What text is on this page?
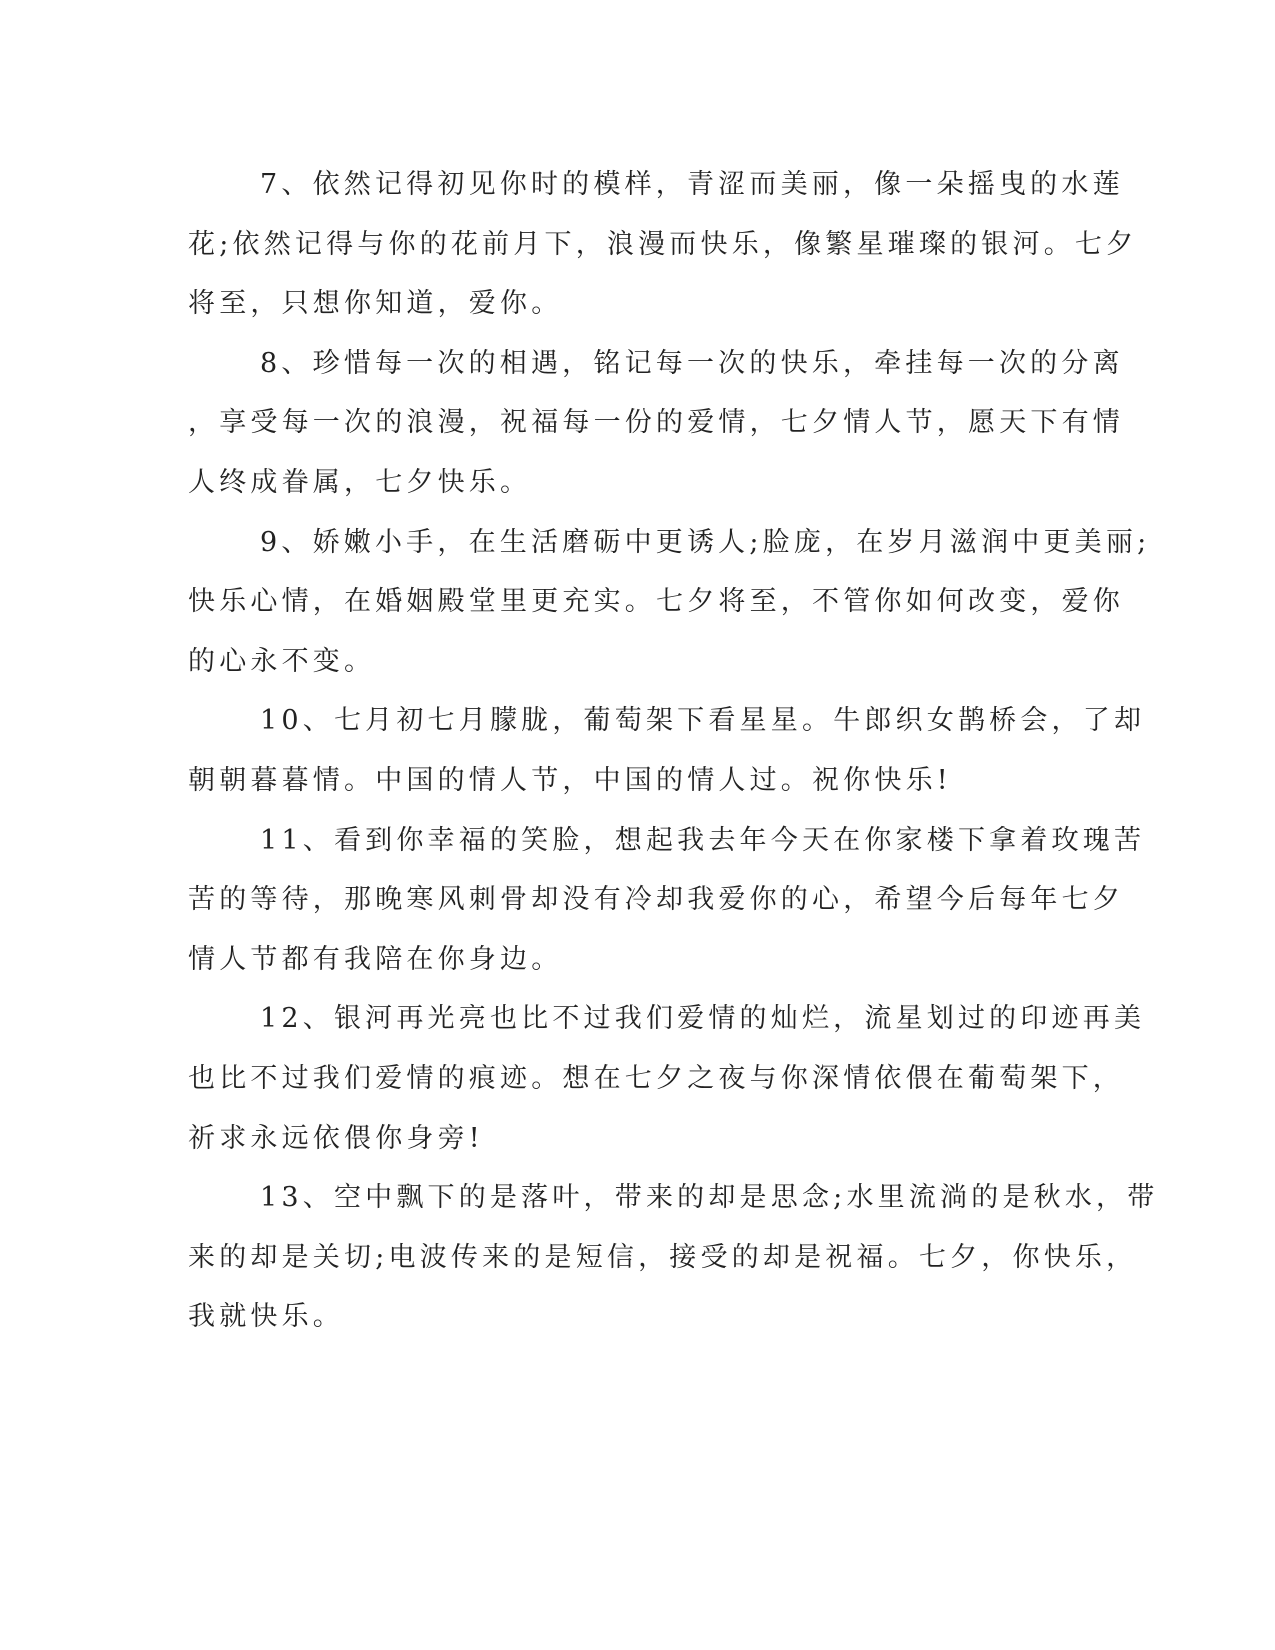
7、依然记得初见你时的模样，青涩而美丽，像一朵摇曳的水莲
花;依然记得与你的花前月下，浪漫而快乐，像繁星璀璨的银河。七夕
将至，只想你知道，爱你。
8、珍惜每一次的相遇，铭记每一次的快乐，牵挂每一次的分离
，享受每一次的浪漫，祝福每一份的爱情，七夕情人节，愿天下有情
人终成眷属，七夕快乐。
9、娇嫩小手，在生活磨砺中更诱人;脸庞，在岁月滋润中更美丽;
快乐心情，在婚姻殿堂里更充实。七夕将至，不管你如何改变，爱你
的心永不变。
10、七月初七月朦胧，葡萄架下看星星。牛郎织女鹊桥会，了却
朝朝暮暮情。中国的情人节，中国的情人过。祝你快乐!
11、看到你幸福的笑脸，想起我去年今天在你家楼下拿着玫瑰苦
苦的等待，那晚寒风刺骨却没有冷却我爱你的心，希望今后每年七夕
情人节都有我陪在你身边。
12、银河再光亮也比不过我们爱情的灿烂，流星划过的印迹再美
也比不过我们爱情的痕迹。想在七夕之夜与你深情依偎在葡萄架下，
祈求永远依偎你身旁!
13、空中飘下的是落叶，带来的却是思念;水里流淌的是秋水，带
来的却是关切;电波传来的是短信，接受的却是祝福。七夕，你快乐，
我就快乐。
